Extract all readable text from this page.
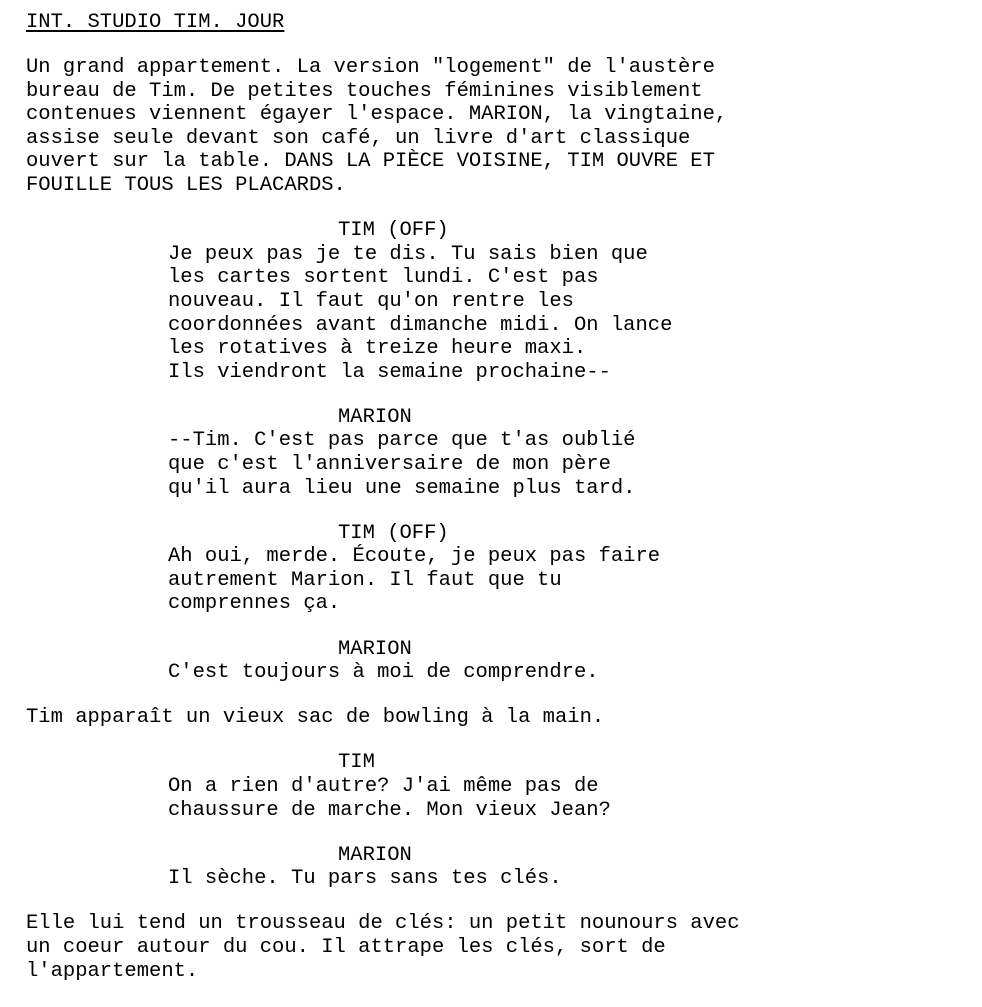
INT. STUDIO TIM. JOUR
Un grand appartement. La version "logement" de l'austère
bureau de Tim. De petites touches féminines visiblement
contenues viennent égayer l'espace. MARION, la vingtaine,
assise seule devant son café, un livre d'art classique
ouvert sur la table. DANS LA PIÈCE VOISINE, TIM OUVRE ET
FOUILLE TOUS LES PLACARDS.
TIM (OFF)
Je peux pas je te dis. Tu sais bien que
les cartes sortent lundi. C'est pas
nouveau. Il faut qu'on rentre les
coordonnées avant dimanche midi. On lance
les rotatives à treize heure maxi.
Ils viendront la semaine prochaine--
MARION
--Tim. C'est pas parce que t'as oublié
que c'est l'anniversaire de mon père
qu'il aura lieu une semaine plus tard.
TIM (OFF)
Ah oui, merde. Écoute, je peux pas faire
autrement Marion. Il faut que tu
comprennes ça.
MARION
C'est toujours à moi de comprendre.
Tim apparaît un vieux sac de bowling à la main.
TIM
On a rien d'autre? J'ai même pas de
chaussure de marche. Mon vieux Jean?
MARION
Il sèche. Tu pars sans tes clés.
Elle lui tend un trousseau de clés: un petit nounours avec
un coeur autour du cou. Il attrape les clés, sort de
l'appartement.
